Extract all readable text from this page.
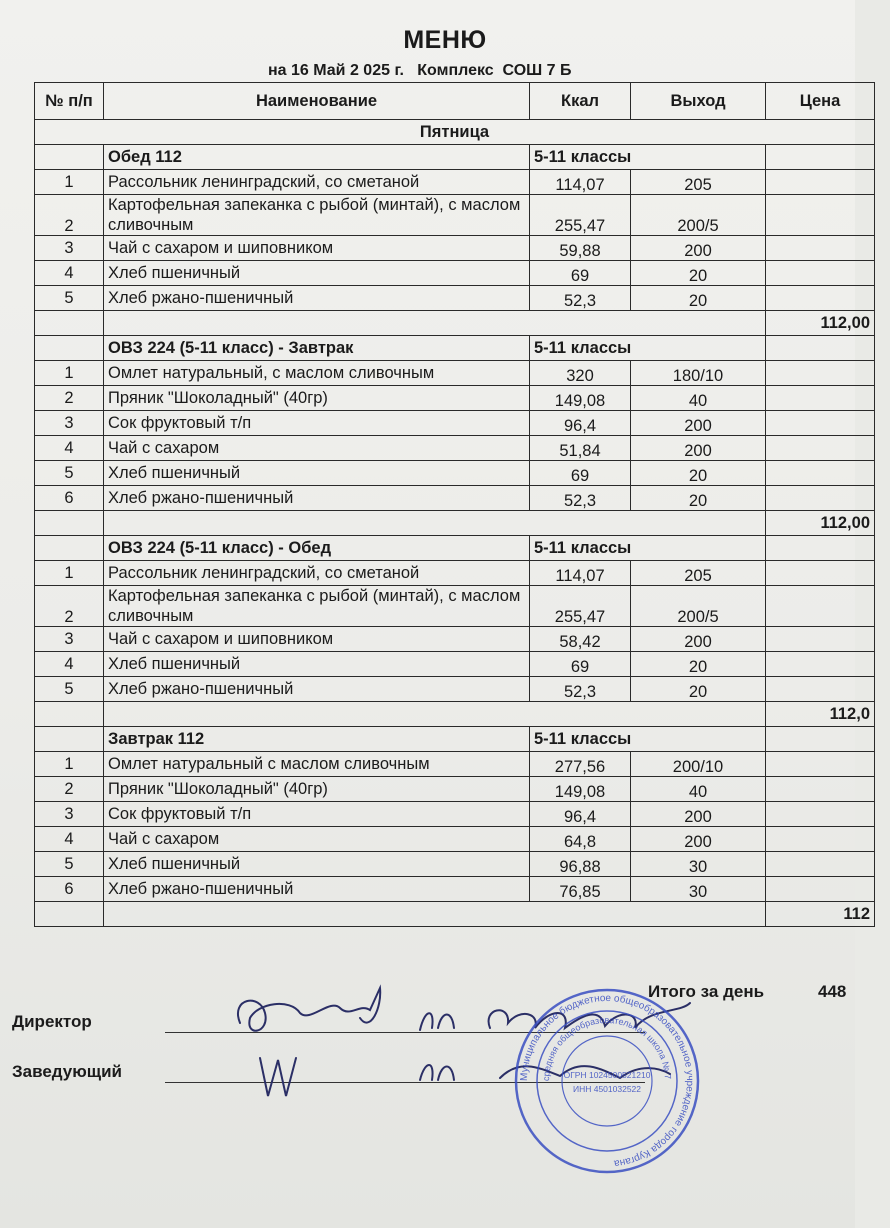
МЕНЮ
на 16 Май 2 025 г.   Комплекс  СОШ 7 Б
№ п/п	Наименование	Ккал	Выход	Цена
Пятница				
	Обед 112	5-11 классы		
1	Рассольник ленинградский, со сметаной	114,07	205	
2	Картофельная запеканка с рыбой (минтай), с маслом сливочным	255,47	200/5	
3	Чай с сахаром и шиповником	59,88	200	
4	Хлеб пшеничный	69	20	
5	Хлеб ржано-пшеничный	52,3	20	
				112,00
	ОВЗ 224 (5-11 класс) - Завтрак	5-11 классы		
1	Омлет натуральный, с маслом сливочным	320	180/10	
2	Пряник "Шоколадный" (40гр)	149,08	40	
3	Сок фруктовый т/п	96,4	200	
4	Чай с сахаром	51,84	200	
5	Хлеб пшеничный	69	20	
6	Хлеб ржано-пшеничный	52,3	20	
				112,00
	ОВЗ 224 (5-11 класс) - Обед	5-11 классы		
1	Рассольник ленинградский, со сметаной	114,07	205	
2	Картофельная запеканка с рыбой (минтай), с маслом сливочным	255,47	200/5	
3	Чай с сахаром и шиповником	58,42	200	
4	Хлеб пшеничный	69	20	
5	Хлеб ржано-пшеничный	52,3	20	
				112,0
	Завтрак 112	5-11 классы		
1	Омлет натуральный с маслом сливочным	277,56	200/10	
2	Пряник "Шоколадный" (40гр)	149,08	40	
3	Сок фруктовый т/п	96,4	200	
4	Чай с сахаром	64,8	200	
5	Хлеб пшеничный	96,88	30	
6	Хлеб ржано-пшеничный	76,85	30	
				112
Итого за день	448
Директор
Заведующий	Муниципальное бюджетное общеобразовательное учреждение города Кургана
средняя общеобразовательная школа № 7
ОГРН 1024500521210
ИНН 4501032522
